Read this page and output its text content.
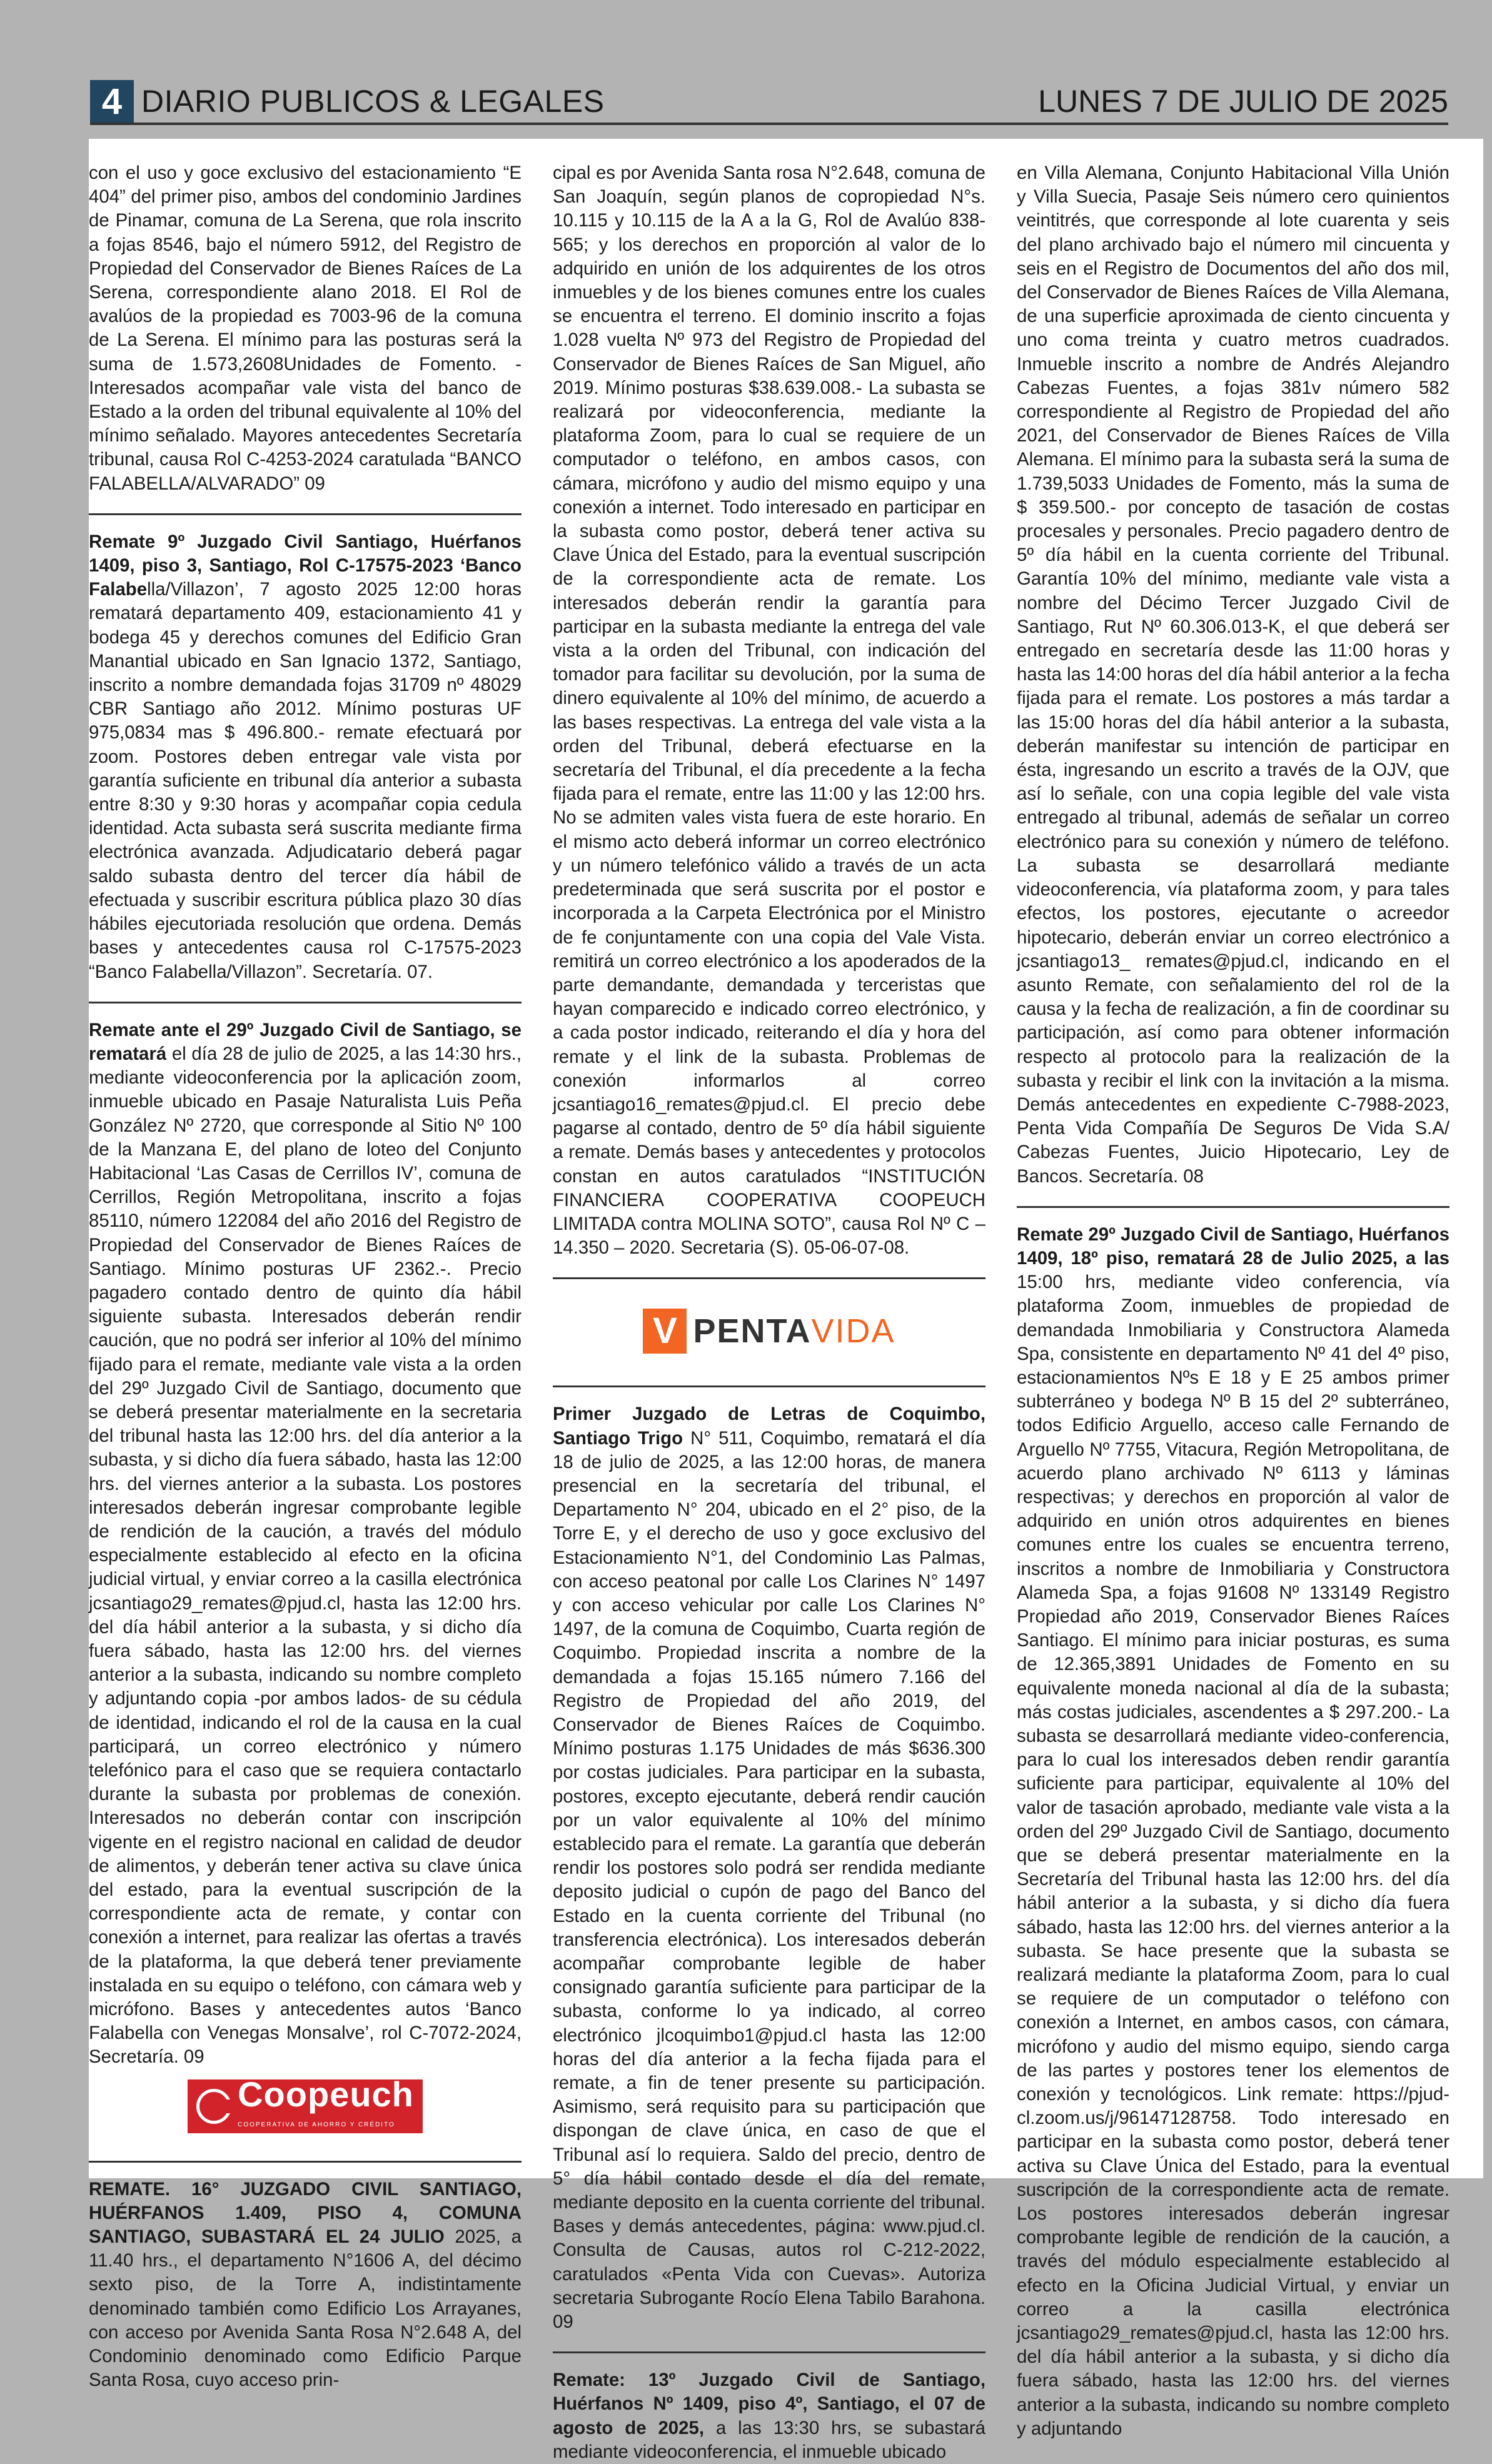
4 DIARIO PUBLICOS & LEGALES	LUNES 7 DE JULIO DE 2025

con el uso y goce exclusivo del estacionamiento “E 404” del primer piso, ambos del condominio Jardines de Pinamar, comuna de La Serena, que rola inscrito a fojas 8546, bajo el número 5912, del Registro de Propiedad del Conservador de Bienes Raíces de La Serena, correspondiente alano 2018. El Rol de avalúos de la propiedad es 7003-96 de la comuna de La Serena. El mínimo para las posturas será la suma de 1.573,2608Unidades de Fomento. - Interesados acompañar vale vista del banco de Estado a la orden del tribunal equivalente al 10% del mínimo señalado. Mayores antecedentes Secretaría tribunal, causa Rol C-4253-2024 caratulada “BANCO FALABELLA/ALVARADO” 09

Remate 9º Juzgado Civil Santiago, Huérfanos 1409, piso 3, Santiago, Rol C-17575-2023 ‘Banco Falabella/Villazon’, 7 agosto 2025 12:00 horas rematará departamento 409, estacionamiento 41 y bodega 45 y derechos comunes del Edificio Gran Manantial ubicado en San Ignacio 1372, Santiago, inscrito a nombre demandada fojas 31709 nº 48029 CBR Santiago año 2012. Mínimo posturas UF 975,0834 mas $ 496.800.- remate efectuará por zoom. Postores deben entregar vale vista por garantía suficiente en tribunal día anterior a subasta entre 8:30 y 9:30 horas y acompañar copia cedula identidad. Acta subasta será suscrita mediante firma electrónica avanzada. Adjudicatario deberá pagar saldo subasta dentro del tercer día hábil de efectuada y suscribir escritura pública plazo 30 días hábiles ejecutoriada resolución que ordena. Demás bases y antecedentes causa rol C-17575-2023 “Banco Falabella/Villazon”. Secretaría. 07.

Remate ante el 29º Juzgado Civil de Santiago, se rematará el día 28 de julio de 2025, a las 14:30 hrs., mediante videoconferencia por la aplicación zoom, inmueble ubicado en Pasaje Naturalista Luis Peña González Nº 2720, que corresponde al Sitio Nº 100 de la Manzana E, del plano de loteo del Conjunto Habitacional ‘Las Casas de Cerrillos IV’, comuna de Cerrillos, Región Metropolitana, inscrito a fojas 85110, número 122084 del año 2016 del Registro de Propiedad del Conservador de Bienes Raíces de Santiago. Mínimo posturas UF 2362.-. Precio pagadero contado dentro de quinto día hábil siguiente subasta. Interesados deberán rendir caución, que no podrá ser inferior al 10% del mínimo fijado para el remate, mediante vale vista a la orden del 29º Juzgado Civil de Santiago, documento que se deberá presentar materialmente en la secretaria del tribunal hasta las 12:00 hrs. del día anterior a la subasta, y si dicho día fuera sábado, hasta las 12:00 hrs. del viernes anterior a la subasta. Los postores interesados deberán ingresar comprobante legible de rendición de la caución, a través del módulo especialmente establecido al efecto en la oficina judicial virtual, y enviar correo a la casilla electrónica jcsantiago29_remates@pjud.cl, hasta las 12:00 hrs. del día hábil anterior a la subasta, y si dicho día fuera sábado, hasta las 12:00 hrs. del viernes anterior a la subasta, indicando su nombre completo y adjuntando copia -por ambos lados- de su cédula de identidad, indicando el rol de la causa en la cual participará, un correo electrónico y número telefónico para el caso que se requiera contactarlo durante la subasta por problemas de conexión. Interesados no deberán contar con inscripción vigente en el registro nacional en calidad de deudor de alimentos, y deberán tener activa su clave única del estado, para la eventual suscripción de la correspondiente acta de remate, y contar con conexión a internet, para realizar las ofertas a través de la plataforma, la que deberá tener previamente instalada en su equipo o teléfono, con cámara web y micrófono. Bases y antecedentes autos ‘Banco Falabella con Venegas Monsalve’, rol C-7072-2024, Secretaría. 09

Coopeuch
COOPERATIVA DE AHORRO Y CRÉDITO

REMATE. 16° JUZGADO CIVIL SANTIAGO, HUÉRFANOS 1.409, PISO 4, COMUNA SANTIAGO, SUBASTARÁ EL 24 JULIO 2025, a 11.40 hrs., el departamento N°1606 A, del décimo sexto piso, de la Torre A, indistintamente denominado también como Edificio Los Arrayanes, con acceso por Avenida Santa Rosa N°2.648 A, del Condominio denominado como Edificio Parque Santa Rosa, cuyo acceso prin-

cipal es por Avenida Santa rosa N°2.648, comuna de San Joaquín, según planos de copropiedad N°s. 10.115 y 10.115 de la A a la G, Rol de Avalúo 838-565; y los derechos en proporción al valor de lo adquirido en unión de los adquirentes de los otros inmuebles y de los bienes comunes entre los cuales se encuentra el terreno. El dominio inscrito a fojas 1.028 vuelta Nº 973 del Registro de Propiedad del Conservador de Bienes Raíces de San Miguel, año 2019. Mínimo posturas $38.639.008.- La subasta se realizará por videoconferencia, mediante la plataforma Zoom, para lo cual se requiere de un computador o teléfono, en ambos casos, con cámara, micrófono y audio del mismo equipo y una conexión a internet. Todo interesado en participar en la subasta como postor, deberá tener activa su Clave Única del Estado, para la eventual suscripción de la correspondiente acta de remate. Los interesados deberán rendir la garantía para participar en la subasta mediante la entrega del vale vista a la orden del Tribunal, con indicación del tomador para facilitar su devolución, por la suma de dinero equivalente al 10% del mínimo, de acuerdo a las bases respectivas. La entrega del vale vista a la orden del Tribunal, deberá efectuarse en la secretaría del Tribunal, el día precedente a la fecha fijada para el remate, entre las 11:00 y las 12:00 hrs. No se admiten vales vista fuera de este horario. En el mismo acto deberá informar un correo electrónico y un número telefónico válido a través de un acta predeterminada que será suscrita por el postor e incorporada a la Carpeta Electrónica por el Ministro de fe conjuntamente con una copia del Vale Vista. remitirá un correo electrónico a los apoderados de la parte demandante, demandada y terceristas que hayan comparecido e indicado correo electrónico, y a cada postor indicado, reiterando el día y hora del remate y el link de la subasta. Problemas de conexión informarlos al correo jcsantiago16_remates@pjud.cl. El precio debe pagarse al contado, dentro de 5º día hábil siguiente a remate. Demás bases y antecedentes y protocolos constan en autos caratulados “INSTITUCIÓN FINANCIERA COOPERATIVA COOPEUCH LIMITADA contra MOLINA SOTO”, causa Rol Nº C – 14.350 – 2020. Secretaria (S). 05-06-07-08.

V PENTAVIDA

Primer Juzgado de Letras de Coquimbo, Santiago Trigo N° 511, Coquimbo, rematará el día 18 de julio de 2025, a las 12:00 horas, de manera presencial en la secretaría del tribunal, el Departamento N° 204, ubicado en el 2° piso, de la Torre E, y el derecho de uso y goce exclusivo del Estacionamiento N°1, del Condominio Las Palmas, con acceso peatonal por calle Los Clarines N° 1497 y con acceso vehicular por calle Los Clarines N° 1497, de la comuna de Coquimbo, Cuarta región de Coquimbo. Propiedad inscrita a nombre de la demandada a fojas 15.165 número 7.166 del Registro de Propiedad del año 2019, del Conservador de Bienes Raíces de Coquimbo. Mínimo posturas 1.175 Unidades de más $636.300 por costas judiciales. Para participar en la subasta, postores, excepto ejecutante, deberá rendir caución por un valor equivalente al 10% del mínimo establecido para el remate. La garantía que deberán rendir los postores solo podrá ser rendida mediante deposito judicial o cupón de pago del Banco del Estado en la cuenta corriente del Tribunal (no transferencia electrónica). Los interesados deberán acompañar comprobante legible de haber consignado garantía suficiente para participar de la subasta, conforme lo ya indicado, al correo electrónico jlcoquimbo1@pjud.cl hasta las 12:00 horas del día anterior a la fecha fijada para el remate, a fin de tener presente su participación. Asimismo, será requisito para su participación que dispongan de clave única, en caso de que el Tribunal así lo requiera. Saldo del precio, dentro de 5° día hábil contado desde el día del remate, mediante deposito en la cuenta corriente del tribunal. Bases y demás antecedentes, página: www.pjud.cl. Consulta de Causas, autos rol C-212-2022, caratulados «Penta Vida con Cuevas». Autoriza secretaria Subrogante Rocío Elena Tabilo Barahona. 09

Remate: 13º Juzgado Civil de Santiago, Huérfanos Nº 1409, piso 4º, Santiago, el 07 de agosto de 2025, a las 13:30 hrs, se subastará mediante videoconferencia, el inmueble ubicado

en Villa Alemana, Conjunto Habitacional Villa Unión y Villa Suecia, Pasaje Seis número cero quinientos veintitrés, que corresponde al lote cuarenta y seis del plano archivado bajo el número mil cincuenta y seis en el Registro de Documentos del año dos mil, del Conservador de Bienes Raíces de Villa Alemana, de una superficie aproximada de ciento cincuenta y uno coma treinta y cuatro metros cuadrados. Inmueble inscrito a nombre de Andrés Alejandro Cabezas Fuentes, a fojas 381v número 582 correspondiente al Registro de Propiedad del año 2021, del Conservador de Bienes Raíces de Villa Alemana. El mínimo para la subasta será la suma de 1.739,5033 Unidades de Fomento, más la suma de $ 359.500.- por concepto de tasación de costas procesales y personales. Precio pagadero dentro de 5º día hábil en la cuenta corriente del Tribunal. Garantía 10% del mínimo, mediante vale vista a nombre del Décimo Tercer Juzgado Civil de Santiago, Rut Nº 60.306.013-K, el que deberá ser entregado en secretaría desde las 11:00 horas y hasta las 14:00 horas del día hábil anterior a la fecha fijada para el remate. Los postores a más tardar a las 15:00 horas del día hábil anterior a la subasta, deberán manifestar su intención de participar en ésta, ingresando un escrito a través de la OJV, que así lo señale, con una copia legible del vale vista entregado al tribunal, además de señalar un correo electrónico para su conexión y número de teléfono. La subasta se desarrollará mediante videoconferencia, vía plataforma zoom, y para tales efectos, los postores, ejecutante o acreedor hipotecario, deberán enviar un correo electrónico a jcsantiago13_ remates@pjud.cl, indicando en el asunto Remate, con señalamiento del rol de la causa y la fecha de realización, a fin de coordinar su participación, así como para obtener información respecto al protocolo para la realización de la subasta y recibir el link con la invitación a la misma. Demás antecedentes en expediente C-7988-2023, Penta Vida Compañía De Seguros De Vida S.A/ Cabezas Fuentes, Juicio Hipotecario, Ley de Bancos. Secretaría. 08

Remate 29º Juzgado Civil de Santiago, Huérfanos 1409, 18º piso, rematará 28 de Julio 2025, a las 15:00 hrs, mediante video conferencia, vía plataforma Zoom, inmuebles de propiedad de demandada Inmobiliaria y Constructora Alameda Spa, consistente en departamento Nº 41 del 4º piso, estacionamientos Nºs E 18 y E 25 ambos primer subterráneo y bodega Nº B 15 del 2º subterráneo, todos Edificio Arguello, acceso calle Fernando de Arguello Nº 7755, Vitacura, Región Metropolitana, de acuerdo plano archivado Nº 6113 y láminas respectivas; y derechos en proporción al valor de adquirido en unión otros adquirentes en bienes comunes entre los cuales se encuentra terreno, inscritos a nombre de Inmobiliaria y Constructora Alameda Spa, a fojas 91608 Nº 133149 Registro Propiedad año 2019, Conservador Bienes Raíces Santiago. El mínimo para iniciar posturas, es suma de 12.365,3891 Unidades de Fomento en su equivalente moneda nacional al día de la subasta; más costas judiciales, ascendentes a $ 297.200.- La subasta se desarrollará mediante video-conferencia, para lo cual los interesados deben rendir garantía suficiente para participar, equivalente al 10% del valor de tasación aprobado, mediante vale vista a la orden del 29º Juzgado Civil de Santiago, documento que se deberá presentar materialmente en la Secretaría del Tribunal hasta las 12:00 hrs. del día hábil anterior a la subasta, y si dicho día fuera sábado, hasta las 12:00 hrs. del viernes anterior a la subasta. Se hace presente que la subasta se realizará mediante la plataforma Zoom, para lo cual se requiere de un computador o teléfono con conexión a Internet, en ambos casos, con cámara, micrófono y audio del mismo equipo, siendo carga de las partes y postores tener los elementos de conexión y tecnológicos. Link remate: https://pjud-cl.zoom.us/j/96147128758. Todo interesado en participar en la subasta como postor, deberá tener activa su Clave Única del Estado, para la eventual suscripción de la correspondiente acta de remate. Los postores interesados deberán ingresar comprobante legible de rendición de la caución, a través del módulo especialmente establecido al efecto en la Oficina Judicial Virtual, y enviar un correo a la casilla electrónica jcsantiago29_remates@pjud.cl, hasta las 12:00 hrs. del día hábil anterior a la subasta, y si dicho día fuera sábado, hasta las 12:00 hrs. del viernes anterior a la subasta, indicando su nombre completo y adjuntando
